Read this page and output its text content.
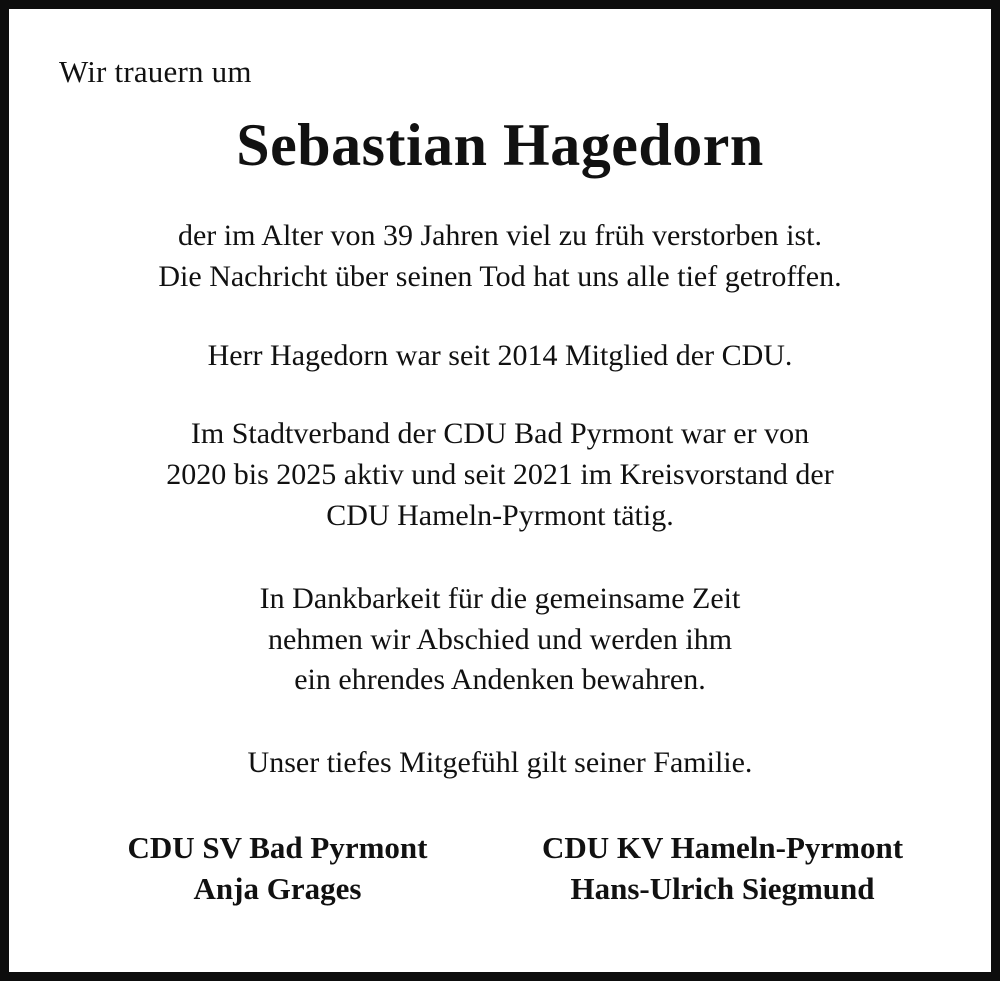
Wir trauern um
Sebastian Hagedorn

der im Alter von 39 Jahren viel zu früh verstorben ist.
Die Nachricht über seinen Tod hat uns alle tief getroffen.

Herr Hagedorn war seit 2014 Mitglied der CDU.

Im Stadtverband der CDU Bad Pyrmont war er von
2020 bis 2025 aktiv und seit 2021 im Kreisvorstand der
CDU Hameln-Pyrmont tätig.

In Dankbarkeit für die gemeinsame Zeit
nehmen wir Abschied und werden ihm
ein ehrendes Andenken bewahren.

Unser tiefes Mitgefühl gilt seiner Familie.

CDU SV Bad Pyrmont
Anja Grages
CDU KV Hameln-Pyrmont
Hans-Ulrich Siegmund
